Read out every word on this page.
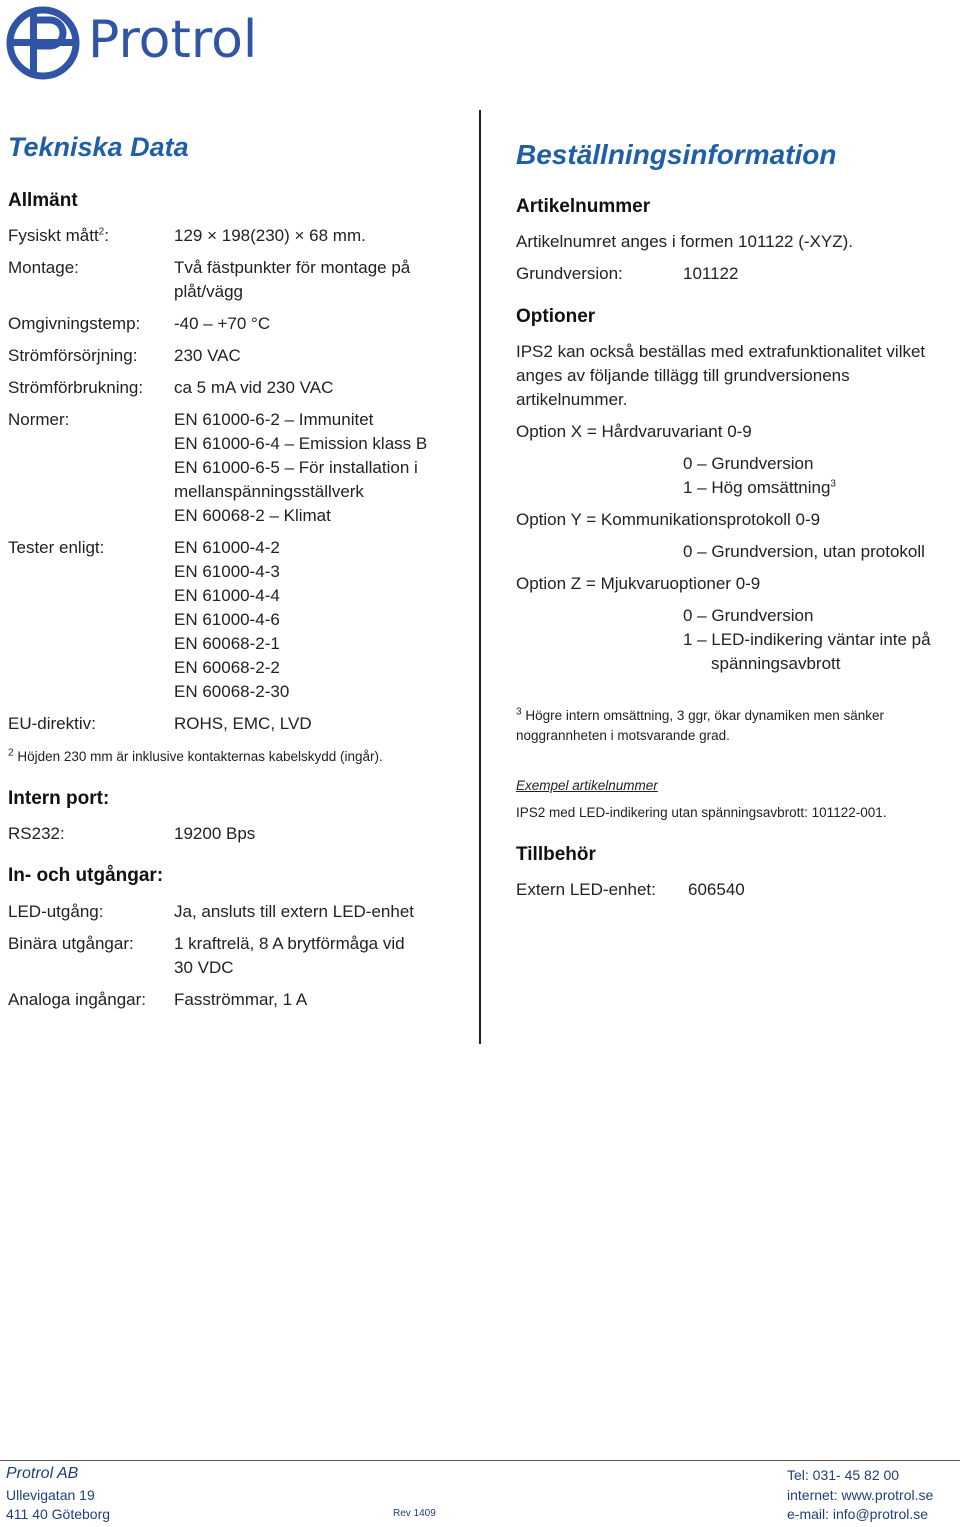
Protrol
Tekniska Data
Allmänt
Fysiskt mått$^2$:	129 × 198(230) × 68 mm.
Montage:	Två fästpunkter för montage på
plåt/vägg
Omgivningstemp: -40 – +70 °C
Strömförsörjning: 230 VAC
Strömförbrukning: ca 5 mA vid 230 VAC
Normer:	EN 61000-6-2 – Immunitet
EN 61000-6-4 – Emission klass B
EN 61000-6-5 – För installation i
mellanspänningsställverk
EN 60068-2 – Klimat
Tester enligt:	EN 61000-4-2
EN 61000-4-3
EN 61000-4-4
EN 61000-4-6
EN 60068-2-1
EN 60068-2-2
EN 60068-2-30
EU-direktiv:	ROHS, EMC, LVD
$^2$ Höjden 230 mm är inklusive kontakternas kabelskydd (ingår).
Intern port:
RS232:	19200 Bps
In- och utgångar:
LED-utgång:	Ja, ansluts till extern LED-enhet
Binära utgångar: 1 kraftrelä, 8 A brytförmåga vid
30 VDC
Analoga ingångar: Fasströmmar, 1 A
Beställningsinformation
Artikelnummer
Artikelnumret anges i formen 101122 (-XYZ).
Grundversion:	101122
Optioner
IPS2 kan också beställas med extrafunktionalitet vilket
anges av följande tillägg till grundversionens
artikelnummer.
Option X = Hårdvaruvariant 0-9
0 – Grundversion
1 – Hög omsättning$^3$
Option Y = Kommunikationsprotokoll 0-9
0 – Grundversion, utan protokoll
Option Z = Mjukvaruoptioner 0-9
0 – Grundversion
1 – LED-indikering väntar inte på
spänningsavbrott
$^3$ Högre intern omsättning, 3 ggr, ökar dynamiken men sänker
noggrannheten i motsvarande grad.
Exempel artikelnummer
IPS2 med LED-indikering utan spänningsavbrott: 101122-001.
Tillbehör
Extern LED-enhet: 606540
Protrol AB
Ullevigatan 19
411 40 Göteborg	Rev 1409
Tel: 031- 45 82 00
internet: www.protrol.se
e-mail: info@protrol.se
